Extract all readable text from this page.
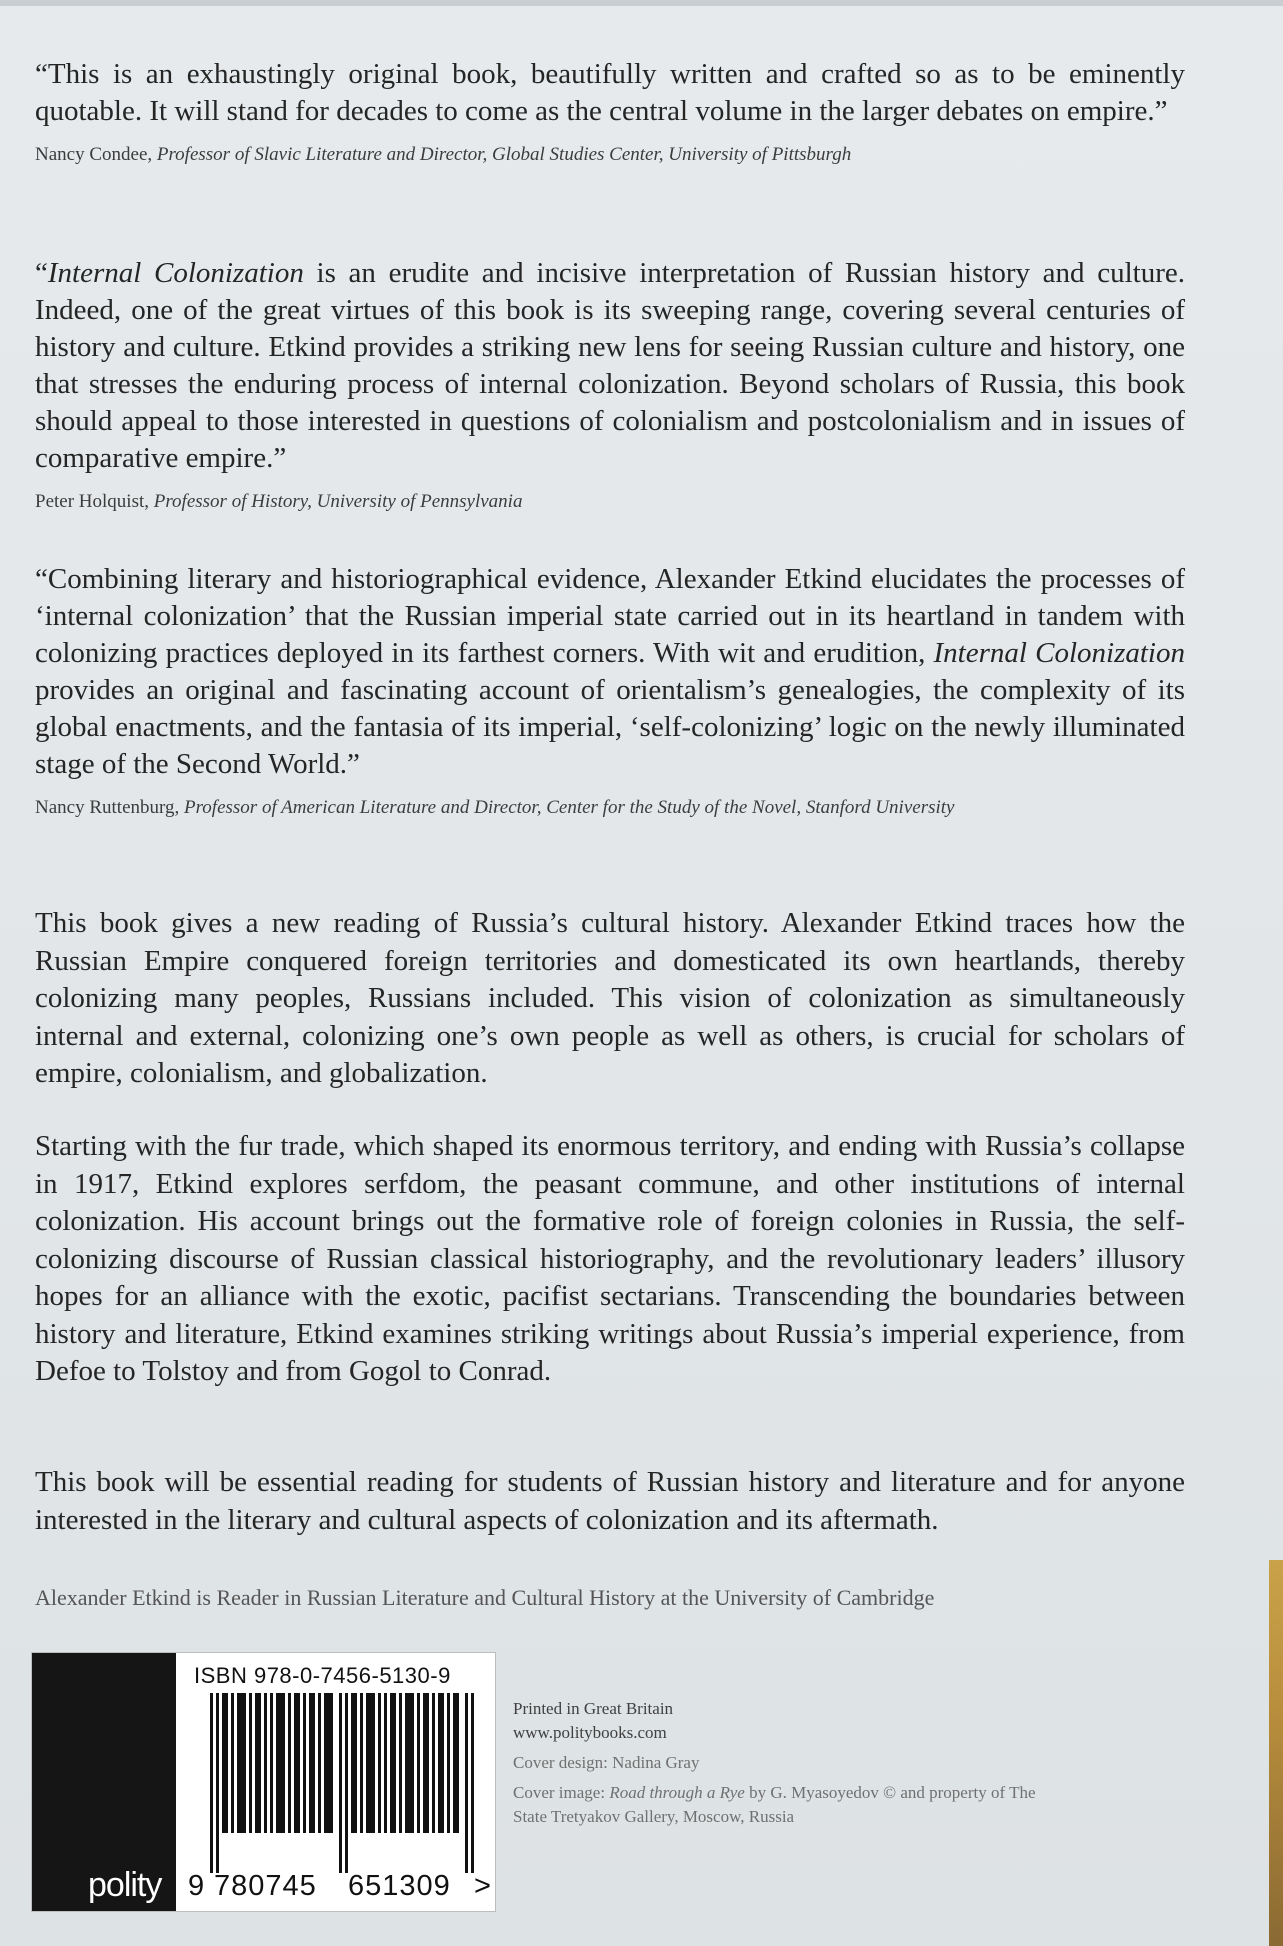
“This is an exhaustingly original book, beautifully written and crafted so as to be eminently quotable. It will stand for decades to come as the central volume in the larger debates on empire.”

Nancy Condee, Professor of Slavic Literature and Director, Global Studies Center, University of Pittsburgh

“Internal Colonization is an erudite and incisive interpretation of Russian history and culture. Indeed, one of the great virtues of this book is its sweeping range, covering several centuries of history and culture. Etkind provides a striking new lens for seeing Russian culture and history, one that stresses the enduring process of internal colonization. Beyond scholars of Russia, this book should appeal to those interested in questions of colonialism and postcolonialism and in issues of comparative empire.”

Peter Holquist, Professor of History, University of Pennsylvania

“Combining literary and historiographical evidence, Alexander Etkind elucidates the processes of ‘internal colonization’ that the Russian imperial state carried out in its heartland in tandem with colonizing practices deployed in its farthest corners. With wit and erudition, Internal Colonization provides an original and fascinating account of orientalism’s genealogies, the complexity of its global enactments, and the fantasia of its imperial, ‘self-colonizing’ logic on the newly illuminated stage of the Second World.”

Nancy Ruttenburg, Professor of American Literature and Director, Center for the Study of the Novel, Stanford University

This book gives a new reading of Russia’s cultural history. Alexander Etkind traces how the Russian Empire conquered foreign territories and domesticated its own heartlands, thereby colonizing many peoples, Russians included. This vision of colonization as simultaneously internal and external, colonizing one’s own people as well as others, is crucial for scholars of empire, colonialism, and globalization.

Starting with the fur trade, which shaped its enormous territory, and ending with Russia’s collapse in 1917, Etkind explores serfdom, the peasant commune, and other institutions of internal colonization. His account brings out the formative role of foreign colonies in Russia, the self-colonizing discourse of Russian classical historiography, and the revolutionary leaders’ illusory hopes for an alliance with the exotic, pacifist sectarians. Transcending the boundaries between history and literature, Etkind examines striking writings about Russia’s imperial experience, from Defoe to Tolstoy and from Gogol to Conrad.

This book will be essential reading for students of Russian history and literature and for anyone interested in the literary and cultural aspects of colonization and its aftermath.

Alexander Etkind is Reader in Russian Literature and Cultural History at the University of Cambridge

polity
ISBN 978-0-7456-5130-9
9 780745 651309 >

Printed in Great Britain

www.politybooks.com

Cover design: Nadina Gray

Cover image: Road through a Rye by G. Myasoyedov © and property of The State Tretyakov Gallery, Moscow, Russia
